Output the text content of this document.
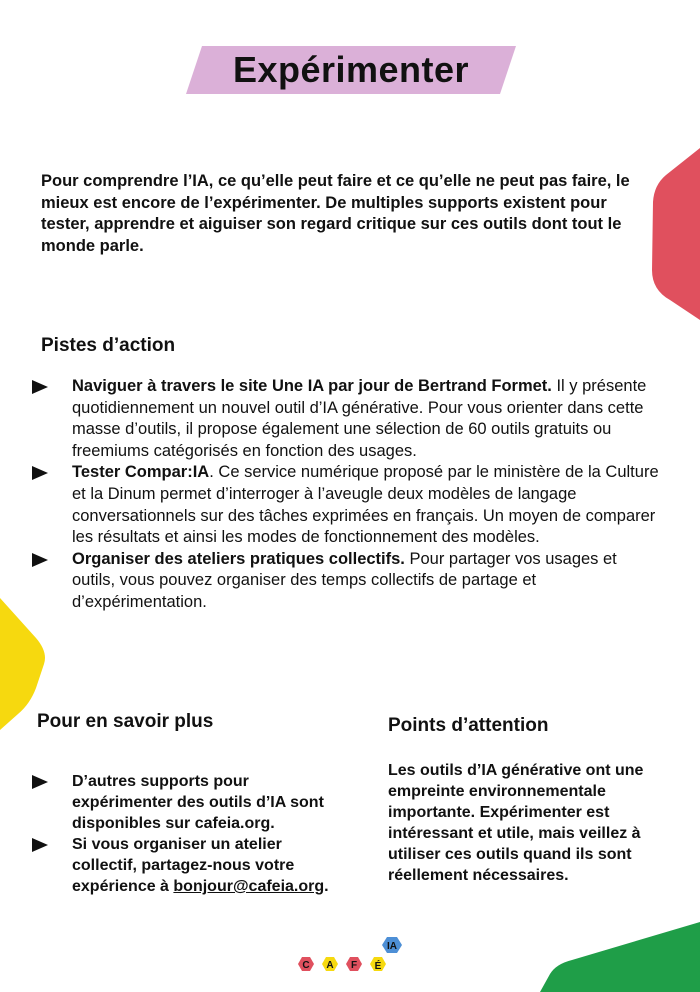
Expérimenter

Pour comprendre l’IA, ce qu’elle peut faire et ce qu’elle ne peut pas faire, le mieux est encore de l’expérimenter. De multiples supports existent pour tester, apprendre et aiguiser son regard critique sur ces outils dont tout le monde parle.

Pistes d’action
Naviguer à travers le site Une IA par jour de Bertrand Formet. Il y présente quotidiennement un nouvel outil d’IA générative. Pour vous orienter dans cette masse d’outils, il propose également une sélection de 60 outils gratuits ou freemiums catégorisés en fonction des usages.
Tester Compar:IA. Ce service numérique proposé par le ministère de la Culture et la Dinum permet d’interroger à l’aveugle deux modèles de langage conversationnels sur des tâches exprimées en français. Un moyen de comparer les résultats et ainsi les modes de fonctionnement des modèles.
Organiser des ateliers pratiques collectifs. Pour partager vos usages et outils, vous pouvez organiser des temps collectifs de partage et d’expérimentation.
Pour en savoir plus
D’autres supports pour expérimenter des outils d’IA sont disponibles sur cafeia.org.
Si vous organiser un atelier collectif, partagez-nous votre expérience à bonjour@cafeia.org.
Points d’attention

Les outils d’IA générative ont une empreinte environnementale importante. Expérimenter est intéressant et utile, mais veillez à utiliser ces outils quand ils sont réellement nécessaires.

C A F É
IA
